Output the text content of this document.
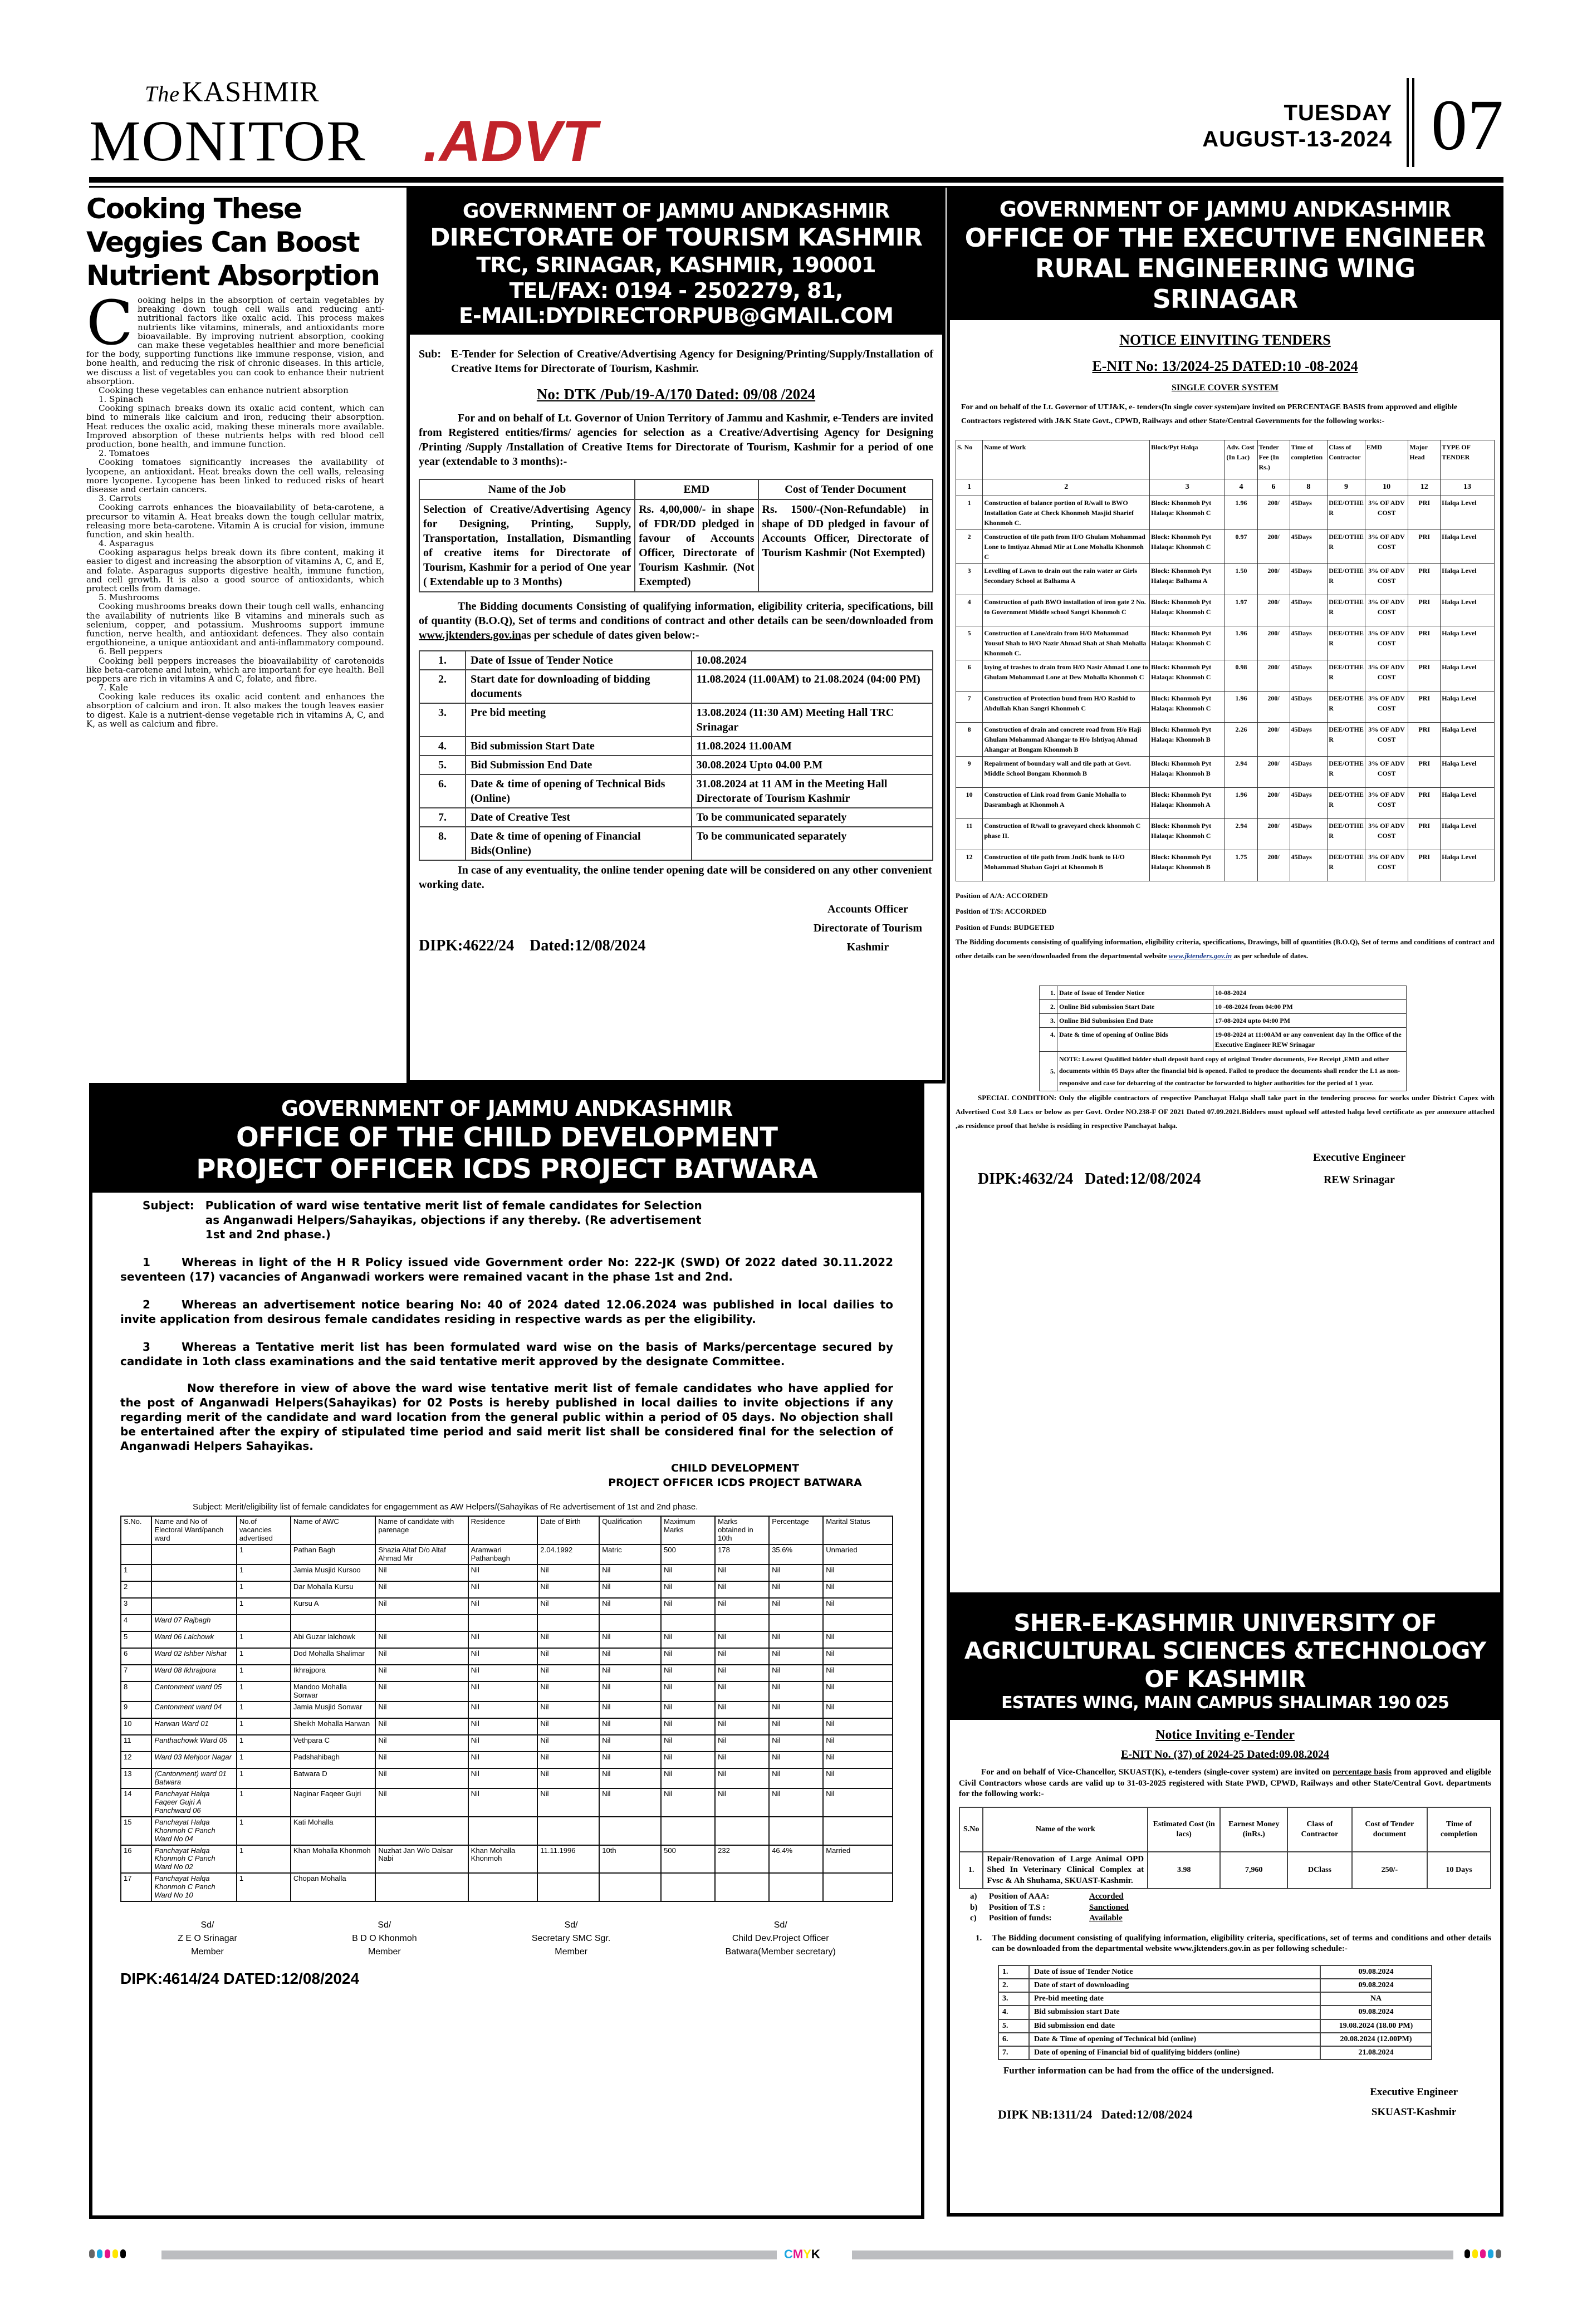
TheKASHMIR
MONITOR .ADVT	TUESDAY
AUGUST-13-2024 07
Cooking These Veggies Can Boost Nutrient Absorption

Cooking helps in the absorption of certain vegetables by breaking down tough cell walls and reducing anti-nutritional factors like oxalic acid. This process makes nutrients like vitamins, minerals, and antioxidants more bioavailable. By improving nutrient absorption, cooking can make these vegetables healthier and more beneficial for the body, supporting functions like immune response, vision, and bone health, and reducing the risk of chronic diseases. In this article, we discuss a list of vegetables you can cook to enhance their nutrient absorption.

Cooking these vegetables can enhance nutrient absorption

1. Spinach

Cooking spinach breaks down its oxalic acid content, which can bind to minerals like calcium and iron, reducing their absorption. Heat reduces the oxalic acid, making these minerals more available. Improved absorption of these nutrients helps with red blood cell production, bone health, and immune function.

2. Tomatoes

Cooking tomatoes significantly increases the availability of lycopene, an antioxidant. Heat breaks down the cell walls, releasing more lycopene. Lycopene has been linked to reduced risks of heart disease and certain cancers.

3. Carrots

Cooking carrots enhances the bioavailability of beta-carotene, a precursor to vitamin A. Heat breaks down the tough cellular matrix, releasing more beta-carotene. Vitamin A is crucial for vision, immune function, and skin health.

4. Asparagus

Cooking asparagus helps break down its fibre content, making it easier to digest and increasing the absorption of vitamins A, C, and E, and folate. Asparagus supports digestive health, immune function, and cell growth. It is also a good source of antioxidants, which protect cells from damage.

5. Mushrooms

Cooking mushrooms breaks down their tough cell walls, enhancing the availability of nutrients like B vitamins and minerals such as selenium, copper, and potassium. Mushrooms support immune function, nerve health, and antioxidant defences. They also contain ergothioneine, a unique antioxidant and anti-inflammatory compound.

6. Bell peppers

Cooking bell peppers increases the bioavailability of carotenoids like beta-carotene and lutein, which are important for eye health. Bell peppers are rich in vitamins A and C, folate, and fibre.

7. Kale

Cooking kale reduces its oxalic acid content and enhances the absorption of calcium and iron. It also makes the tough leaves easier to digest. Kale is a nutrient-dense vegetable rich in vitamins A, C, and K, as well as calcium and fibre.

GOVERNMENT OF JAMMU ANDKASHMIR
DIRECTORATE OF TOURISM KASHMIR
TRC, SRINAGAR, KASHMIR, 190001
TEL/FAX: 0194 - 2502279, 81,
E-MAIL:DYDIRECTORPUB@GMAIL.COM
Sub: E-Tender for Selection of Creative/Advertising Agency for Designing/Printing/Supply/Installation of Creative Items for Directorate of Tourism, Kashmir.
No: DTK /Pub/19-A/170 Dated: 09/08 /2024

For and on behalf of Lt. Governor of Union Territory of Jammu and Kashmir, e-Tenders are invited from Registered entities/firms/ agencies for selection as a Creative/Advertising Agency for Designing /Printing /Supply /Installation of Creative Items for Directorate of Tourism, Kashmir for a period of one year (extendable to 3 months):-

Name of the Job	EMD	Cost of Tender Document
Selection of Creative/Advertising Agency for Designing, Printing, Supply, Transportation, Installation, Dismantling of creative items for Directorate of Tourism, Kashmir for a period of One year ( Extendable up to 3 Months)	Rs. 4,00,000/- in shape of FDR/DD pledged in favour of Accounts Officer, Directorate of Tourism Kashmir. (Not Exempted)	Rs. 1500/-(Non-Refundable) in shape of DD pledged in favour of Accounts Officer, Directorate of Tourism Kashmir (Not Exempted)

The Bidding documents Consisting of qualifying information, eligibility criteria, specifications, bill of quantity (B.O.Q), Set of terms and conditions of contract and other details can be seen/downloaded from www.jktenders.gov.inas per schedule of dates given below:-

1.	Date of Issue of Tender Notice	10.08.2024
2.	Start date for downloading of bidding documents	11.08.2024 (11.00AM) to 21.08.2024 (04:00 PM)
3.	Pre bid meeting	13.08.2024 (11:30 AM) Meeting Hall TRC Srinagar
4.	Bid submission Start Date	11.08.2024 11.00AM
5.	Bid Submission End Date	30.08.2024 Upto 04.00 P.M
6.	Date & time of opening of Technical Bids (Online)	31.08.2024 at 11 AM in the Meeting Hall Directorate of Tourism Kashmir
7.	Date of Creative Test	To be communicated separately
8.	Date & time of opening of Financial Bids(Online)	To be communicated separately

In case of any eventuality, the online tender opening date will be considered on any other convenient working date.

DIPK:4622/24 Dated:12/08/2024
Accounts Officer
Directorate of Tourism
Kashmir
GOVERNMENT OF JAMMU ANDKASHMIR
OFFICE OF THE EXECUTIVE ENGINEER
RURAL ENGINEERING WING
SRINAGAR
NOTICE EINVITING TENDERS
E-NIT No: 13/2024-25 DATED:10 -08-2024
SINGLE COVER SYSTEM

For and on behalf of the Lt. Governor of UTJ&K, e- tenders(In single cover system)are invited on PERCENTAGE BASIS from approved and eligible Contractors registered with J&K State Govt., CPWD, Railways and other State/Central Governments for the following works:-

S. No	Name of Work	Block/Pyt Halqa	Adv. Cost (In Lac)	Tender Fee (In Rs.)	Time of completion	Class of Contractor	EMD	Major Head	TYPE OF TENDER
1	2	3	4	6	8	9	10	12	13
1	Construction of balance portion of R/wall to BWO Installation Gate at Check Khonmoh Masjid Sharief Khonmoh C.	Block: Khonmoh Pyt Halaqa: Khonmoh C	1.96	200/	45Days	DEE/OTHER	3% OF ADV COST	PRI	Halqa Level
2	Construction of tile path from H/O Ghulam Mohammad Lone to Imtiyaz Ahmad Mir at Lone Mohalla Khonmoh C	Block: Khonmoh Pyt Halaqa: Khonmoh C	0.97	200/	45Days	DEE/OTHER	3% OF ADV COST	PRI	Halqa Level
3	Levelling of Lawn to drain out the rain water ar Girls Secondary School at Balhama A	Block: Khonmoh Pyt Halaqa: Balhama A	1.50	200/	45Days	DEE/OTHER	3% OF ADV COST	PRI	Halqa Level
4	Construction of path BWO installation of iron gate 2 No. to Government Middle school Sangri Khonmoh C	Block: Khonmoh Pyt Halaqa: Khonmoh C	1.97	200/	45Days	DEE/OTHER	3% OF ADV COST	PRI	Halqa Level
5	Construction of Lane/drain from H/O Mohammad Yousuf Shah to H/O Nazir Ahmad Shah at Shah Mohalla Khonmoh C.	Block: Khonmoh Pyt Halaqa: Khonmoh C	1.96	200/	45Days	DEE/OTHER	3% OF ADV COST	PRI	Halqa Level
6	laying of trashes to drain from H/O Nasir Ahmad Lone to Ghulam Mohammad Lone at Dew Mohalla Khonmoh C	Block: Khonmoh Pyt Halaqa: Khonmoh C	0.98	200/	45Days	DEE/OTHER	3% OF ADV COST	PRI	Halqa Level
7	Construction of Protection bund from H/O Rashid to Abdullah Khan Sangri Khonmoh C	Block: Khonmoh Pyt Halaqa: Khonmoh C	1.96	200/	45Days	DEE/OTHER	3% OF ADV COST	PRI	Halqa Level
8	Construction of drain and concrete road from H/o Haji Ghulam Mohammad Ahangar to H/o Ishtiyaq Ahmad Ahangar at Bongam Khonmoh B	Block: Khonmoh Pyt Halaqa: Khonmoh B	2.26	200/	45Days	DEE/OTHER	3% OF ADV COST	PRI	Halqa Level
9	Repairment of boundary wall and tile path at Govt. Middle School Bongam Khonmoh B	Block: Khonmoh Pyt Halaqa: Khonmoh B	2.94	200/	45Days	DEE/OTHER	3% OF ADV COST	PRI	Halqa Level
10	Construction of Link road from Ganie Mohalla to Dasrambagh at Khonmoh A	Block: Khonmoh Pyt Halaqa: Khonmoh A	1.96	200/	45Days	DEE/OTHER	3% OF ADV COST	PRI	Halqa Level
11	Construction of R/wall to graveyard check khonmoh C phase II.	Block: Khonmoh Pyt Halaqa: Khonmoh C	2.94	200/	45Days	DEE/OTHER	3% OF ADV COST	PRI	Halqa Level
12	Construction of tile path from JndK bank to H/O Mohammad Shaban Gojri at Khonmoh B	Block: Khonmoh Pyt Halaqa: Khonmoh B	1.75	200/	45Days	DEE/OTHER	3% OF ADV COST	PRI	Halqa Level
Position of A/A: ACCORDED
Position of T/S: ACCORDED
Position of Funds: BUDGETED

The Bidding documents consisting of qualifying information, eligibility criteria, specifications, Drawings, bill of quantities (B.O.Q), Set of terms and conditions of contract and other details can be seen/downloaded from the departmental website www.jktenders.gov.in as per schedule of dates.

1.	Date of Issue of Tender Notice	10-08-2024
2.	Online Bid submission Start Date	10 -08-2024 from 04:00 PM
3.	Online Bid Submission End Date	17-08-2024 upto 04:00 PM
4.	Date & time of opening of Online Bids	19-08-2024 at 11:00AM or any convenient day In the Office of the Executive Engineer REW Srinagar
5.	NOTE: Lowest Qualified bidder shall deposit hard copy of original Tender documents, Fee Receipt ,EMD and other documents within 05 Days after the financial bid is opened. Failed to produce the documents shall render the L1 as non-responsive and case for debarring of the contractor be forwarded to higher authorities for the period of 1 year.	

SPECIAL CONDITION: Only the eligible contractors of respective Panchayat Halqa shall take part in the tendering process for works under District Capex with Advertised Cost 3.0 Lacs or below as per Govt. Order NO.238-F OF 2021 Dated 07.09.2021.Bidders must upload self attested halqa level certificate as per annexure attached ,as residence proof that he/she is residing in respective Panchayat halqa.

DIPK:4632/24 Dated:12/08/2024
Executive Engineer
REW Srinagar
GOVERNMENT OF JAMMU ANDKASHMIR
OFFICE OF THE CHILD DEVELOPMENT
PROJECT OFFICER ICDS PROJECT BATWARA
Subject: Publication of ward wise tentative merit list of female candidates for Selection as Anganwadi Helpers/Sahayikas, objections if any thereby. (Re advertisement 1st and 2nd phase.)

1	Whereas in light of the H R Policy issued vide Government order No: 222-JK (SWD) Of 2022 dated 30.11.2022 seventeen (17) vacancies of Anganwadi workers were remained vacant in the phase 1st and 2nd.

2	Whereas an advertisement notice bearing No: 40 of 2024 dated 12.06.2024 was published in local dailies to invite application from desirous female candidates residing in respective wards as per the eligibility.

3	Whereas a Tentative merit list has been formulated ward wise on the basis of Marks/percentage secured by candidate in 1oth class examinations and the said tentative merit approved by the designate Committee.

Now therefore in view of above the ward wise tentative merit list of female candidates who have applied for the post of Anganwadi Helpers(Sahayikas) for 02 Posts is hereby published in local dailies to invite objections if any regarding merit of the candidate and ward location from the general public within a period of 05 days. No objection shall be entertained after the expiry of stipulated time period and said merit list shall be considered final for the selection of Anganwadi Helpers Sahayikas.

CHILD DEVELOPMENT
PROJECT OFFICER ICDS PROJECT BATWARA
Subject: Merit/eligibility list of female candidates for engagemment as AW Helpers/(Sahayikas of Re advertisement of 1st and 2nd phase.
S.No.	Name and No of Electoral Ward/panch ward	No.of vacancies advertised	Name of AWC	Name of candidate with parenage	Residence	Date of Birth	Qualification	Maximum Marks	Marks obtained in 10th	Percentage	Marital Status
		1	Pathan Bagh	Shazia Altaf D/o Altaf Ahmad Mir	Aramwari Pathanbagh	2.04.1992	Matric	500	178	35.6%	Unmaried
1		1	Jamia Musjid Kursoo	Nil	Nil	Nil	Nil	Nil	Nil	Nil	Nil
2		1	Dar Mohalla Kursu	Nil	Nil	Nil	Nil	Nil	Nil	Nil	Nil
3		1	Kursu A	Nil	Nil	Nil	Nil	Nil	Nil	Nil	Nil
4	Ward 07 Rajbagh										
5	Ward 06 Lalchowk	1	Abi Guzar lalchowk	Nil	Nil	Nil	Nil	Nil	Nil	Nil	Nil
6	Ward 02 Ishber Nishat	1	Dod Mohalla Shalimar	Nil	Nil	Nil	Nil	Nil	Nil	Nil	Nil
7	Ward 08 Ikhrajpora	1	Ikhrajpora	Nil	Nil	Nil	Nil	Nil	Nil	Nil	Nil
8	Cantonment ward 05	1	Mandoo Mohalla Sonwar	Nil	Nil	Nil	Nil	Nil	Nil	Nil	Nil
9	Cantonment ward 04	1	Jamia Musjid Sonwar	Nil	Nil	Nil	Nil	Nil	Nil	Nil	Nil
10	Harwan Ward 01	1	Sheikh Mohalla Harwan	Nil	Nil	Nil	Nil	Nil	Nil	Nil	Nil
11	Panthachowk Ward 05	1	Vethpara C	Nil	Nil	Nil	Nil	Nil	Nil	Nil	Nil
12	Ward 03 Mehjoor Nagar	1	Padshahibagh	Nil	Nil	Nil	Nil	Nil	Nil	Nil	Nil
13	(Cantonment) ward 01 Batwara	1	Batwara D	Nil	Nil	Nil	Nil	Nil	Nil	Nil	Nil
14	Panchayat Halqa Faqeer Gujri A Panchward 06	1	Naginar Faqeer Gujri	Nil	Nil	Nil	Nil	Nil	Nil	Nil	Nil
15	Panchayat Halqa Khonmoh C Panch Ward No 04	1	Kati Mohalla								
16	Panchayat Halqa Khonmoh C Panch Ward No 02	1	Khan Mohalla Khonmoh	Nuzhat Jan W/o Dalsar Nabi	Khan Mohalla Khonmoh	11.11.1996	10th	500	232	46.4%	Married
17	Panchayat Halqa Khonmoh C Panch Ward No 10	1	Chopan Mohalla								
Sd/
Z E O Srinagar
Member
Sd/
B D O Khonmoh
Member
Sd/
Secretary SMC Sgr.
Member
Sd/
Child Dev.Project Officer
Batwara(Member secretary)
DIPK:4614/24 DATED:12/08/2024
SHER-E-KASHMIR UNIVERSITY OF
AGRICULTURAL SCIENCES &TECHNOLOGY
OF KASHMIR
ESTATES WING, MAIN CAMPUS SHALIMAR 190 025
Notice Inviting e-Tender
E-NIT No. (37) of 2024-25 Dated:09.08.2024

For and on behalf of Vice-Chancellor, SKUAST(K), e-tenders (single-cover system) are invited on percentage basis from approved and eligible Civil Contractors whose cards are valid up to 31-03-2025 registered with State PWD, CPWD, Railways and other State/Central Govt. departments for the following work:-

S.No	Name of the work	Estimated Cost (in lacs)	Earnest Money (inRs.)	Class of Contractor	Cost of Tender document	Time of completion
1.	Repair/Renovation of Large Animal OPD Shed In Veterinary Clinical Complex at Fvsc & Ah Shuhama, SKUAST-Kashmir.	3.98	7,960	DClass	250/-	10 Days
a)	Position of AAA:	Accorded
b)	Position of T.S :	Sanctioned
c)	Position of funds:	Available
1. The Bidding document consisting of qualifying information, eligibility criteria, specifications, set of terms and conditions and other details can be downloaded from the departmental website www.jktenders.gov.in as per following schedule:-
1.	Date of issue of Tender Notice	09.08.2024
2.	Date of start of downloading	09.08.2024
3.	Pre-bid meeting date	NA
4.	Bid submission start Date	09.08.2024
5.	Bid submission end date	19.08.2024 (18.00 PM)
6.	Date & Time of opening of Technical bid (online)	20.08.2024 (12.00PM)
7.	Date of opening of Financial bid of qualifying bidders (online)	21.08.2024

Further information can be had from the office of the undersigned.

DIPK NB:1311/24 Dated:12/08/2024
Executive Engineer
SKUAST-Kashmir
CMYK
